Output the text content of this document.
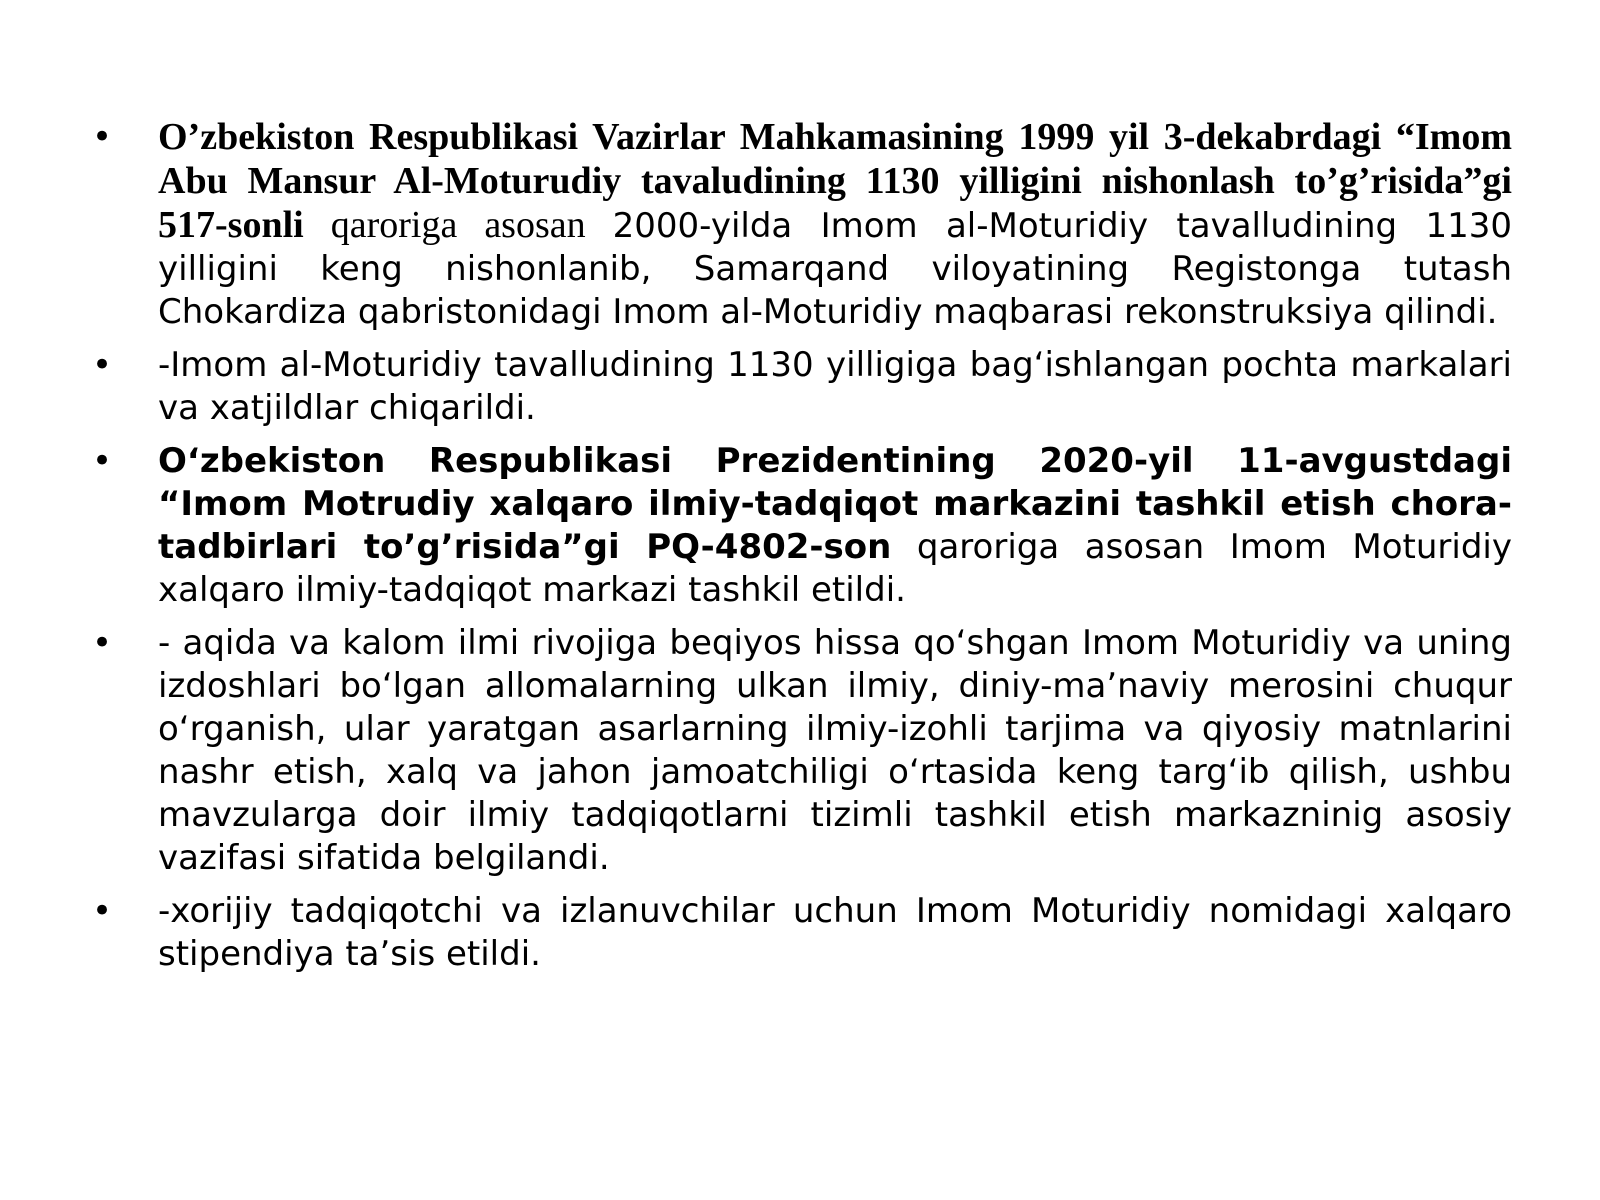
• O’zbekiston Respublikasi Vazirlar Mahkamasining 1999 yil 3-dekabrdagi “Imom Abu Mansur Al-Moturudiy tavaludining 1130 yilligini nishonlash to’g’risida”gi 517-sonli qaroriga asosan 2000-yilda Imom al-Moturidiy tavalludining 1130 yilligini keng nishonlanib, Samarqand viloyatining Registonga tutash Chokardiza qabristonidagi Imom al-Moturidiy maqbarasi rekonstruksiya qilindi.
• -Imom al-Moturidiy tavalludining 1130 yilligiga bag‘ishlangan pochta markalari va xatjildlar chiqarildi.
• O‘zbekiston Respublikasi Prezidentining 2020-yil 11-avgustdagi “Imom Motrudiy xalqaro ilmiy-tadqiqot markazini tashkil etish chora-tadbirlari to’g’risida”gi PQ-4802-son qaroriga asosan Imom Moturidiy xalqaro ilmiy-tadqiqot markazi tashkil etildi.
• - aqida va kalom ilmi rivojiga beqiyos hissa qo‘shgan Imom Moturidiy va uning izdoshlari bo‘lgan allomalarning ulkan ilmiy, diniy-ma’naviy merosini chuqur o‘rganish, ular yaratgan asarlarning ilmiy-izohli tarjima va qiyosiy matnlarini nashr etish, xalq va jahon jamoatchiligi o‘rtasida keng targ‘ib qilish, ushbu mavzularga doir ilmiy tadqiqotlarni tizimli tashkil etish markazninig asosiy vazifasi sifatida belgilandi.
• -xorijiy tadqiqotchi va izlanuvchilar uchun Imom Moturidiy nomidagi xalqaro stipendiya ta’sis etildi.
